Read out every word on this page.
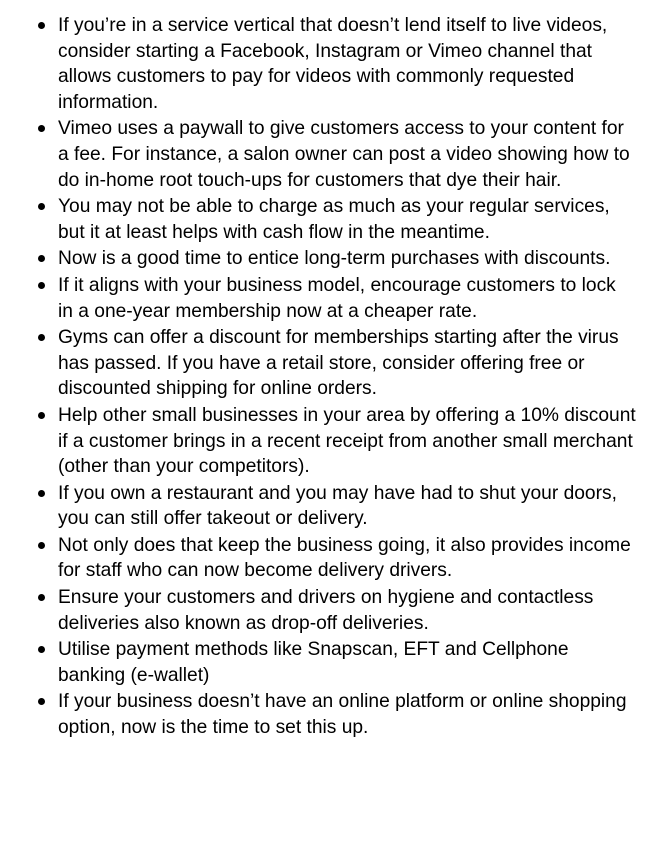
If you’re in a service vertical that doesn’t lend itself to live videos, consider starting a Facebook, Instagram or Vimeo channel that allows customers to pay for videos with commonly requested information.
Vimeo uses a paywall to give customers access to your content for a fee. For instance, a salon owner can post a video showing how to do in-home root touch-ups for customers that dye their hair.
You may not be able to charge as much as your regular services, but it at least helps with cash flow in the meantime.
Now is a good time to entice long-term purchases with discounts.
If it aligns with your business model, encourage customers to lock in a one-year membership now at a cheaper rate.
Gyms can offer a discount for memberships starting after the virus has passed. If you have a retail store, consider offering free or discounted shipping for online orders.
Help other small businesses in your area by offering a 10% discount if a customer brings in a recent receipt from another small merchant (other than your competitors).
If you own a restaurant and you may have had to shut your doors, you can still offer takeout or delivery.
Not only does that keep the business going, it also provides income for staff who can now become delivery drivers.
Ensure your customers and drivers on hygiene and contactless deliveries also known as drop-off deliveries.
Utilise payment methods like Snapscan, EFT and Cellphone banking (e-wallet)
If your business doesn’t have an online platform or online shopping option, now is the time to set this up.
